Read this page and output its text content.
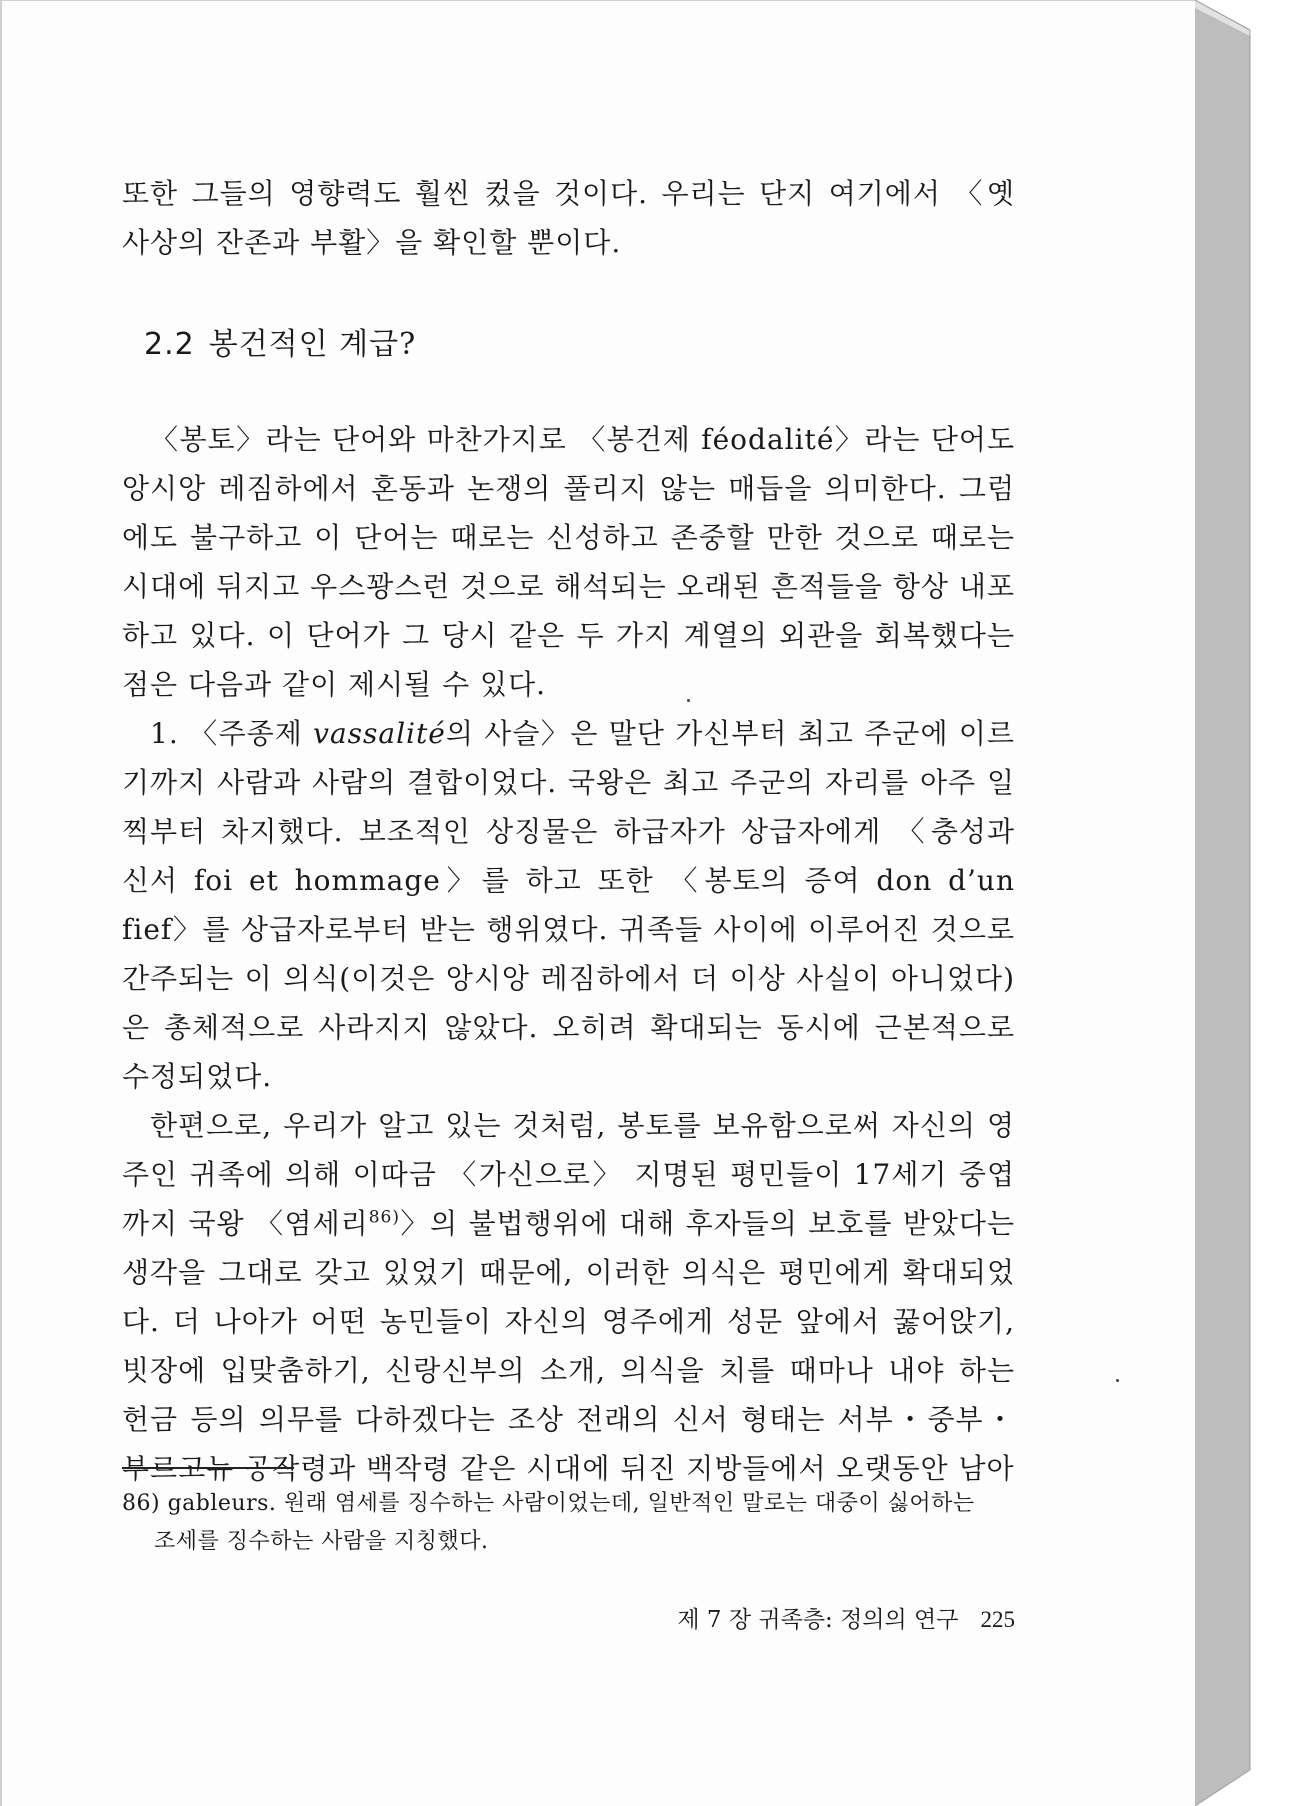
또한 그들의 영향력도 훨씬 컸을 것이다. 우리는 단지 여기에서 〈옛 사상의 잔존과 부활〉을 확인할 뿐이다.

2.2 봉건적인 계급?

〈봉토〉라는 단어와 마찬가지로 〈봉건제 féodalité〉라는 단어도 앙시앙 레짐하에서 혼동과 논쟁의 풀리지 않는 매듭을 의미한다. 그럼에도 불구하고 이 단어는 때로는 신성하고 존중할 만한 것으로 때로는 시대에 뒤지고 우스꽝스런 것으로 해석되는 오래된 흔적들을 항상 내포하고 있다. 이 단어가 그 당시 같은 두 가지 계열의 외관을 회복했다는 점은 다음과 같이 제시될 수 있다.

1. 〈주종제 vassalité의 사슬〉은 말단 가신부터 최고 주군에 이르기까지 사람과 사람의 결합이었다. 국왕은 최고 주군의 자리를 아주 일찍부터 차지했다. 보조적인 상징물은 하급자가 상급자에게 〈충성과 신서 foi et hommage〉를 하고 또한 〈봉토의 증여 don d’un fief〉를 상급자로부터 받는 행위였다. 귀족들 사이에 이루어진 것으로 간주되는 이 의식(이것은 앙시앙 레짐하에서 더 이상 사실이 아니었다)은 총체적으로 사라지지 않았다. 오히려 확대되는 동시에 근본적으로 수정되었다.

한편으로, 우리가 알고 있는 것처럼, 봉토를 보유함으로써 자신의 영주인 귀족에 의해 이따금 〈가신으로〉 지명된 평민들이 17세기 중엽까지 국왕 〈염세리$^{86)}$〉의 불법행위에 대해 후자들의 보호를 받았다는 생각을 그대로 갖고 있었기 때문에, 이러한 의식은 평민에게 확대되었다. 더 나아가 어떤 농민들이 자신의 영주에게 성문 앞에서 꿇어앉기, 빗장에 입맞춤하기, 신랑신부의 소개, 의식을 치를 때마나 내야 하는 헌금 등의 의무를 다하겠다는 조상 전래의 신서 형태는 서부・중부・부르고뉴 공작령과 백작령 같은 시대에 뒤진 지방들에서 오랫동안 남아

86) gableurs. 원래 염세를 징수하는 사람이었는데, 일반적인 말로는 대중이 싫어하는
조세를 징수하는 사람을 지칭했다.
제 7 장 귀족층: 정의의 연구 225
